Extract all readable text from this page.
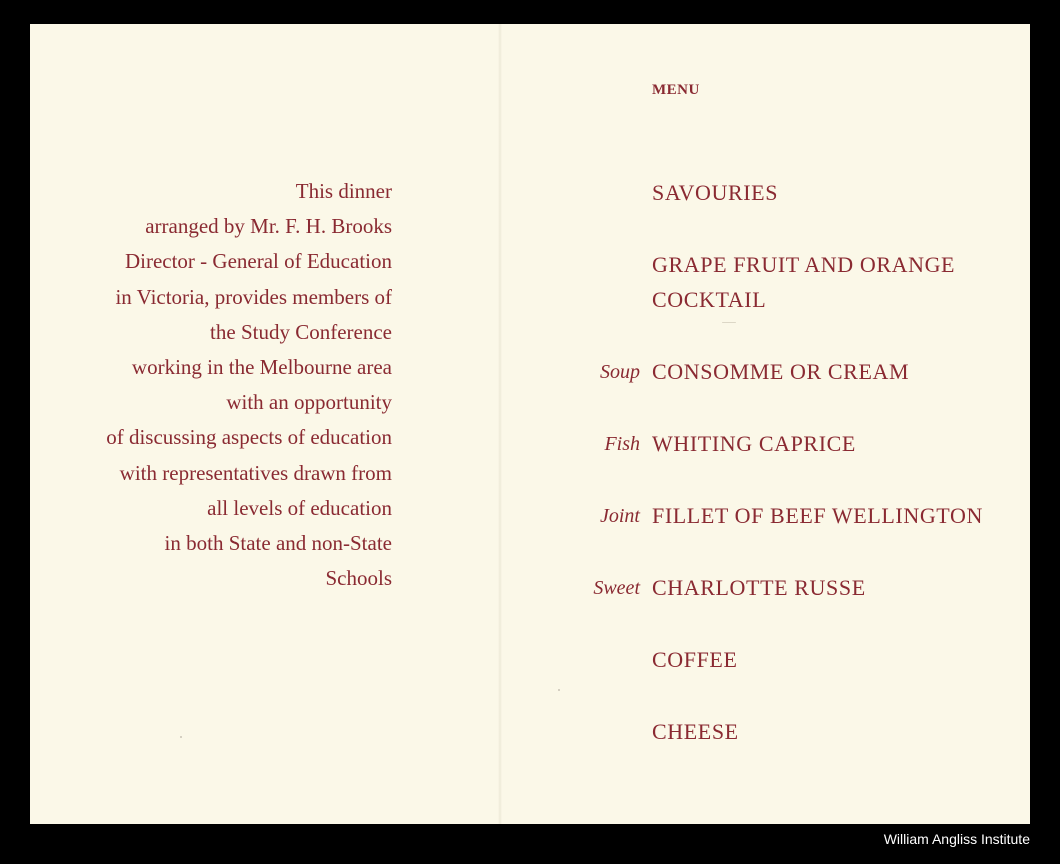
This dinner
arranged by Mr. F. H. Brooks
Director - General of Education
in Victoria, provides members of
the Study Conference
working in the Melbourne area
with an opportunity
of discussing aspects of education
with representatives drawn from
all levels of education
in both State and non-State
Schools
MENU
SAVOURIES
GRAPE FRUIT AND ORANGE
COCKTAIL
Soup CONSOMME OR CREAM
Fish WHITING CAPRICE
Joint FILLET OF BEEF WELLINGTON
Sweet CHARLOTTE RUSSE
COFFEE
CHEESE
William Angliss Institute
